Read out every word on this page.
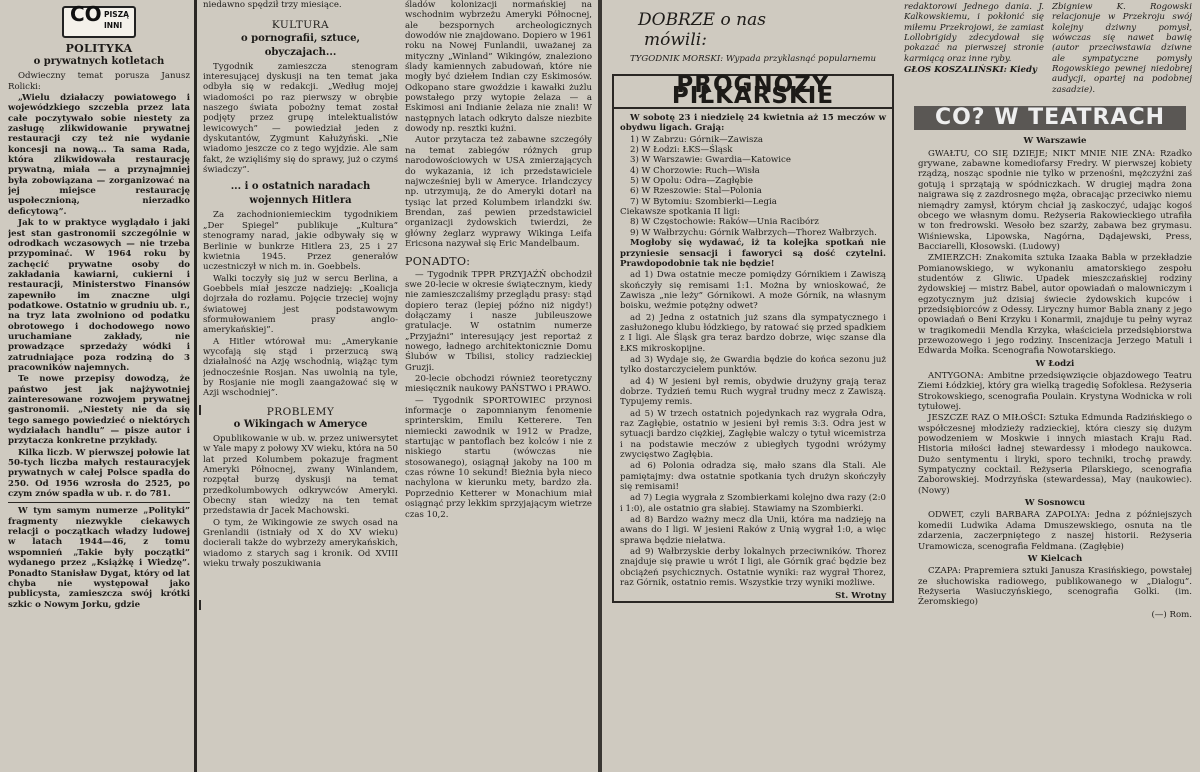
CO PISZĄ
INNI
POLITYKA
o prywatnych kotletach

Odwieczny temat porusza Janusz Rolicki:

„Wielu działaczy powiatowego i wojewódzkiego szczebla przez lata całe poczytywało sobie niestety za zasługę zlikwidowanie prywatnej restauracji czy też nie wydanie koncesji na nową... Ta sama Rada, która zlikwidowała restaurację prywatną, miała — a przynajmniej była zobowiązana — zorganizować na jej miejsce restaurację uspołecznioną, nierzadko deficytową”.

Jak to w praktyce wyglądało i jaki jest stan gastronomii szczególnie w odrodkach wczasowych — nie trzeba przypominać. W 1964 roku by zachęcić prywatne osoby do zakładania kawiarni, cukierni i restauracji, Ministerstwo Finansów zapewniło im znaczne ulgi podatkowe. Ostatnio w grudniu ub. r., na tryz lata zwolniono od podatku obrotowego i dochodowego nowo uruchamiane zakłady, nie prowadzące sprzedaży wódki i zatrudniające poza rodziną do 3 pracowników najemnych.

Te nowe przepisy dowodzą, że państwo jest jak najżywotniej zainteresowane rozwojem prywatnej gastronomii. „Niestety nie da się tego samego powiedzieć o niektórych wydziałach handlu” — pisze autor i przytacza konkretne przykłady.

Kilka liczb. W pierwszej połowie lat 50-tych liczba małych restauracyjek prywatnych w całej Polsce spadła do 250. Od 1956 wzrosła do 2525, po czym znów spadła w ub. r. do 781.

W tym samym numerze „Polityki” fragmenty niezwykle ciekawych relacji o początkach władzy ludowej w latach 1944—46, z tomu wspomnień „Takie były początki” wydanego przez „Książkę i Wiedzę”. Ponadto Stanisław Dygat, który od lat chyba nie występował jako publicysta, zamieszcza swój krótki szkic o Nowym Jorku, gdzie

niedawno spędził trzy miesiące.

KULTURA
o pornografii, sztuce,
obyczajach...

Tygodnik zamieszcza stenogram interesującej dyskusji na ten temat jaka odbyła się w redakcji. „Według mojej wiadomości po raz pierwszy w obrębie naszego świata pobożny temat został podjęty przez grupę intelektualistów lewicowych” — powiedział jeden z dyskutantów, Zygmunt Kałużyński. „Nie wiadomo jeszcze co z tego wyjdzie. Ale sam fakt, że wzięliśmy się do sprawy, już o czymś świadczy”.

... i o ostatnich naradach
wojennych Hitlera

Za zachodnioniemieckim tygodnikiem „Der Spiegel” publikuje „Kultura” stenogramy narad, jakie odbywały się w Berlinie w bunkrze Hitlera 23, 25 i 27 kwietnia 1945. Przez generałów uczestniczył w nich m. in. Goebbels.

Walki toczyły się już w sercu Berlina, a Goebbels miał jeszcze nadzieję: „Koalicja dojrzała do rozłamu. Pojęcie trzeciej wojny światowej jest podstawowym sformułowaniem prasy anglo-amerykańskiej”.

A Hitler wtórował mu: „Amerykanie wycofają się stąd i przerzucą swą działalność na Azję wschodnią, wiążąc tym jednocześnie Rosjan. Nas uwolnią na tyle, by Rosjanie nie mogli zaangażować się w Azji wschodniej”.

PROBLEMY
o Wikingach w Ameryce

Opublikowanie w ub. w. przez uniwersytet w Yale mapy z połowy XV wieku, która na 50 lat przed Kolumbem pokazuje fragment Ameryki Północnej, zwany Winlandem, rozpętał burzę dyskusji na temat przedkolumbowych odkrywców Ameryki. Obecny stan wiedzy na ten temat przedstawia dr Jacek Machowski.

O tym, że Wikingowie ze swych osad na Grenlandii (istniały od X do XV wieku) docierali także do wybrzeży amerykańskich, wiadomo z starych sag i kronik. Od XVIII wieku trwały poszukiwania

śladów kolonizacji normańskiej na wschodnim wybrzeżu Ameryki Północnej, ale bezspornych archeologicznych dowodów nie znajdowano. Dopiero w 1961 roku na Nowej Funlandii, uważanej za mityczny „Winland” Wikingów, znaleziono ślady kamiennych zabudowań, które nie mogły być dziełem Indian czy Eskimosów. Odkopano stare gwoździe i kawałki żużlu powstałego przy wytopie żelaza — a Eskimosi ani Indianie żelaza nie znali! W następnych latach odkryto dalsze niezbite dowody np. resztki kuźni.

Autor przytacza też zabawne szczegóły na temat zabiegów różnych grup narodowościowych w USA zmierzających do wykazania, iż ich przedstawiciele najwcześniej byli w Ameryce. Irlandczycy np. utrzymują, że do Ameryki dotarł na tysiąc lat przed Kolumbem irlandzki św. Brendan, zaś pewien przedstawiciel organizacji żydowskich twierdzi, że główny żeglarz wyprawy Wikinga Leifa Ericsona nazywał się Eric Mandelbaum.

PONADTO:

— Tygodnik TPPR PRZYJAŹŃ obchodził swe 20-lecie w okresie świątecznym, kiedy nie zamieszczaliśmy przeglądu prasy: stąd dopiero teraz (lepiej późno niż nigdy!) dołączamy i nasze jubileuszowe gratulacje. W ostatnim numerze „Przyjaźni” interesujący jest reportaż z nowego, ładnego architektonicznie Domu Ślubów w Tbilisi, stolicy radzieckiej Gruzji.

20-lecie obchodzi również teoretyczny miesięcznik naukowy PAŃSTWO i PRAWO.

— Tygodnik SPORTOWIEC przynosi informacje o zapomnianym fenomenie sprinterskim, Emilu Ketterere. Ten niemiecki zawodnik w 1912 w Pradze, startując w pantoflach bez kolców i nie z niskiego startu (wówczas nie stosowanego), osiągnął jakoby na 100 m czas równe 10 sekund! Bieżnia była nieco nachylona w kierunku mety, bardzo zła. Poprzednio Ketterer w Monachium miał osiągnąć przy lekkim sprzyjającym wietrze czas 10,2.

DOBRZE o nas
mówili:

TYGODNIK MORSKI: Wypada przyklasnąć popularnemu

PROGNOZY PIŁKARSKIE

W sobotę 23 i niedzielę 24 kwietnia aż 15 meczów w obydwu ligach. Grają:

1) W Zabrzu: Górnik—Zawisza
2) W Łodzi: ŁKS—Śląsk
3) W Warszawie: Gwardia—Katowice
4) W Chorzowie: Ruch—Wisła
5) W Opolu: Odra—Zagłębie
6) W Rzeszowie: Stal—Polonia
7) W Bytomiu: Szombierki—Legia
Ciekawsze spotkania II ligi:
8) W Częstochowie: Raków—Unia Racibórz
9) W Wałbrzychu: Górnik Wałbrzych—Thorez Wałbrzych.

Mogłoby się wydawać, iż ta kolejka spotkań nie przyniesie sensacji i faworyci są dość czytelni. Prawdopodobnie tak nie będzie!

ad 1) Dwa ostatnie mecze pomiędzy Górnikiem i Zawiszą skończyły się remisami 1:1. Można by wnioskować, że Zawisza „nie leży” Górnikowi. A może Górnik, na własnym boisku, weźmie potężny odwet?

ad 2) Jedna z ostatnich już szans dla sympatycznego i zasłużonego klubu łódzkiego, by ratować się przed spadkiem z I ligi. Ale Śląsk gra teraz bardzo dobrze, więc szanse dla ŁKS mikroskopijne.

ad 3) Wydaje się, że Gwardia będzie do końca sezonu już tylko dostarczycielem punktów.

ad 4) W jesieni był remis, obydwie drużyny grają teraz dobrze. Tydzień temu Ruch wygrał trudny mecz z Zawiszą. Typujemy remis.

ad 5) W trzech ostatnich pojedynkach raz wygrała Odra, raz Zagłębie, ostatnio w jesieni był remis 3:3. Odra jest w sytuacji bardzo ciężkiej, Zagłębie walczy o tytuł wicemistrza i na podstawie meczów z ubiegłych tygodni wróżymy zwycięstwo Zagłębia.

ad 6) Polonia odradza się, mało szans dla Stali. Ale pamiętajmy: dwa ostatnie spotkania tych drużyn skończyły się remisami!

ad 7) Legia wygrała z Szombierkami kolejno dwa razy (2:0 i 1:0), ale ostatnio gra słabiej. Stawiamy na Szombierki.

ad 8) Bardzo ważny mecz dla Unii, która ma nadzieję na awans do I ligi. W jesieni Raków z Unią wygrał 1:0, a więc sprawa będzie niełatwa.

ad 9) Wałbrzyskie derby lokalnych przeciwników. Thorez znajduje się prawie u wrót I ligi, ale Górnik grać będzie bez obciążeń psychicznych. Ostatnie wyniki: raz wygrał Thorez, raz Górnik, ostatnio remis. Wszystkie trzy wyniki możliwe.

St. Wrotny

redaktorowi Jednego dania. J. Kalkowskiemu, i pokłonić się miłemu Przekrojowi, że zamiast Lollobrigidy zdecydował się pokazać na pierwszej stronie karmiącą oraz inne ryby.

GŁOS KOSZALIŃSKI: Kiedy

Zbigniew K. Rogowski relacjonuje w Przekroju swój kolejny dziwny pomysł, wówczas się nawet bawię (autor przeciwstawia dziwne ale sympatyczne pomysły Rogowskiego pewnej niedobrej audycji, opartej na podobnej zasadzie).

CO? W TEATRACH
W Warszawie

GWAŁTU, CO SIĘ DZIEJE; NIKT MNIE NIE ZNA: Rzadko grywane, zabawne komediofarsy Fredry. W pierwszej kobiety rządzą, nosząc spodnie nie tylko w przenośni, mężczyźni zaś gotują i sprzątają w spódniczkach. W drugiej mądra żona naigrawa się z zazdrosnego męża, obracając przeciwko niemu niemądry zamysł, którym chciał ją zaskoczyć, udając kogoś obcego we własnym domu. Reżyseria Rakowieckiego utrafiła w ton fredrowski. Wesoło bez szarży, zabawa bez grymasu. Wiśniewska, Lipowska, Nagórna, Dądajewski, Press, Bacciarelli, Kłosowski. (Ludowy)

ZMIERZCH: Znakomita sztuka Izaaka Babla w przekładzie Pomianowskiego, w wykonaniu amatorskiego zespołu studentów z Gliwic. Upadek mieszczańskiej rodziny żydowskiej — mistrz Babel, autor opowiadań o malowniczym i egzotycznym już dzisiaj świecie żydowskich kupców i przedsiębiorców z Odessy. Liryczny humor Babla znany z jego opowiadań o Beni Krzyku i Konarmii, znajduje tu pełny wyraz w tragikomedii Mendla Krzyka, właściciela przedsiębiorstwa przewozowego i jego rodziny. Inscenizacja Jerzego Matuli i Edwarda Mołka. Scenografia Nowotarskiego.

W Łodzi

ANTYGONA: Ambitne przedsięwzięcie objazdowego Teatru Ziemi Łódzkiej, który gra wielką tragedię Sofoklesa. Reżyseria Strokowskiego, scenografia Poulain. Krystyna Wodnicka w roli tytułowej.

JESZCZE RAZ O MIŁOŚCI: Sztuka Edmunda Radzińskiego o współczesnej młodzieży radzieckiej, która cieszy się dużym powodzeniem w Moskwie i innych miastach Kraju Rad. Historia miłości ładnej stewardessy i młodego naukowca. Dużo sentymentu i liryki, sporo techniki, trochę prawdy. Sympatyczny cocktail. Reżyseria Pilarskiego, scenografia Zaborowskiej. Modrzyńska (stewardessa), May (naukowiec). (Nowy)

W Sosnowcu

ODWET, czyli BARBARA ZAPOLYA: Jedna z późniejszych komedii Ludwika Adama Dmuszewskiego, osnuta na tle zdarzenia, zaczerpniętego z naszej historii. Reżyseria Uramowicza, scenografia Feldmana. (Zagłębie)

W Kielcach

CZAPA: Prapremiera sztuki Janusza Krasińskiego, powstałej ze słuchowiska radiowego, publikowanego w „Dialogu”. Reżyseria Wasiuczyńskiego, scenografia Golki. (im. Żeromskiego)

(—) Rom.
